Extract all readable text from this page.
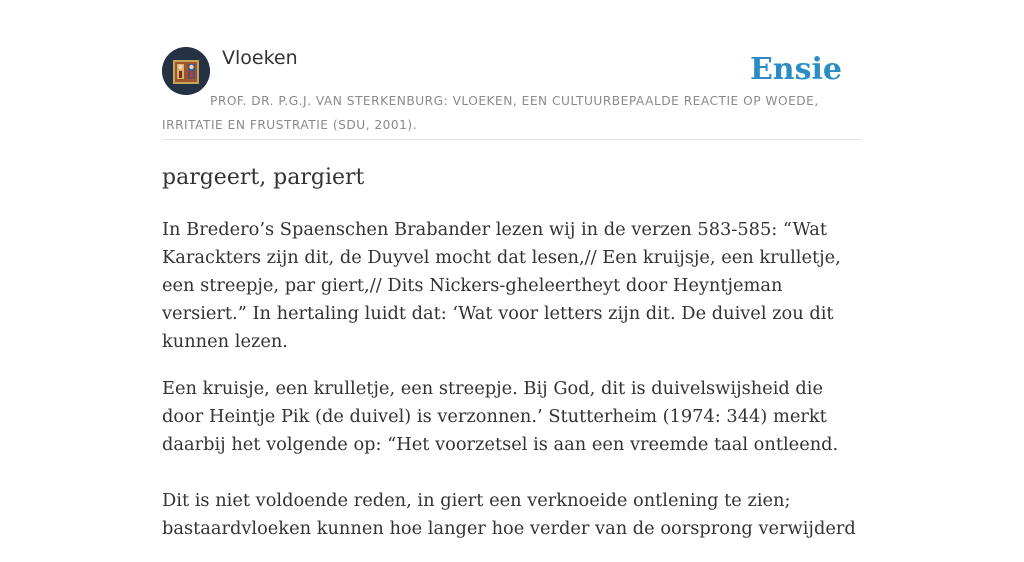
Vloeken	Ensie
PROF. DR. P.G.J. VAN STERKENBURG: VLOEKEN, EEN CULTUURBEPAALDE REACTIE OP WOEDE, IRRITATIE EN FRUSTRATIE (SDU, 2001).
pargeert, pargiert

In Bredero’s Spaenschen Brabander lezen wij in de verzen 583-585: “Wat Karackters zijn dit, de Duyvel mocht dat lesen,// Een kruijsje, een krulletje, een streepje, par giert,// Dits Nickers-gheleertheyt door Heyntjeman versiert.” In hertaling luidt dat: ‘Wat voor letters zijn dit. De duivel zou dit kunnen lezen.

Een kruisje, een krulletje, een streepje. Bij God, dit is duivelswijsheid die door Heintje Pik (de duivel) is verzonnen.’ Stutterheim (1974: 344) merkt daarbij het volgende op: “Het voorzetsel is aan een vreemde taal ontleend.

Dit is niet voldoende reden, in giert een verknoeide ontlening te zien; bastaardvloeken kunnen hoe langer hoe verder van de oorsprong verwijderd
